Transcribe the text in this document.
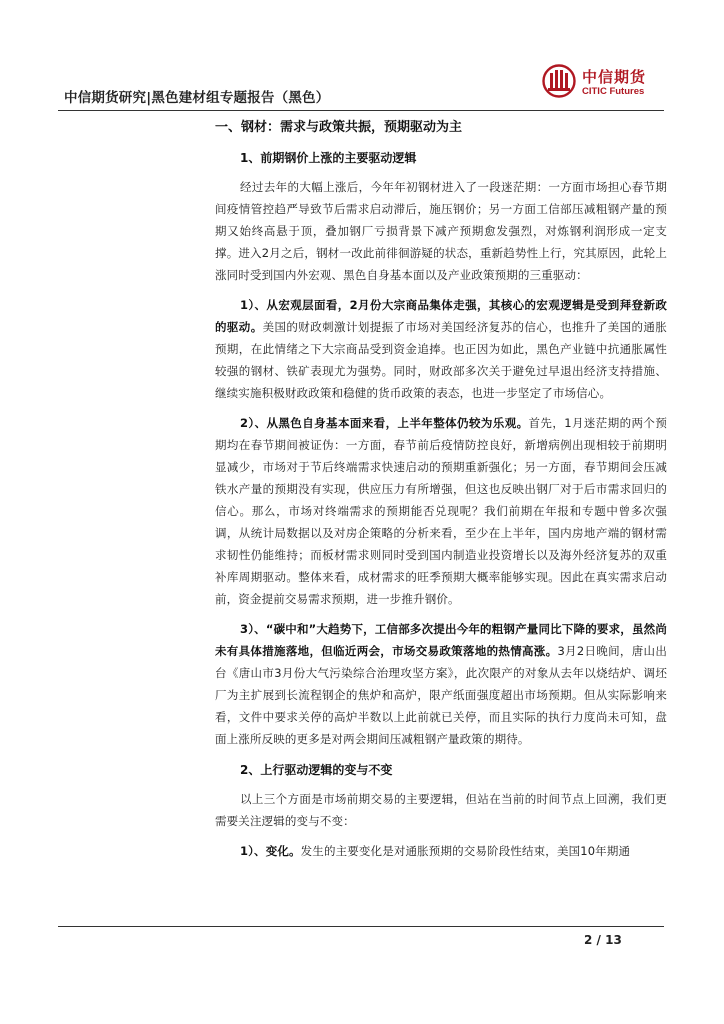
中信期货研究|黑色建材组专题报告（黑色）
中信期货
CITIC Futures
一、钢材：需求与政策共振，预期驱动为主
1、前期钢价上涨的主要驱动逻辑

经过去年的大幅上涨后，今年年初钢材进入了一段迷茫期：一方面市场担心春节期间疫情管控趋严导致节后需求启动滞后，施压钢价；另一方面工信部压减粗钢产量的预期又始终高悬于顶，叠加钢厂亏损背景下减产预期愈发强烈，对炼钢利润形成一定支撑。进入2月之后，钢材一改此前徘徊游疑的状态，重新趋势性上行，究其原因，此轮上涨同时受到国内外宏观、黑色自身基本面以及产业政策预期的三重驱动：

1）、从宏观层面看，2月份大宗商品集体走强，其核心的宏观逻辑是受到拜登新政的驱动。美国的财政刺激计划提振了市场对美国经济复苏的信心，也推升了美国的通胀预期，在此情绪之下大宗商品受到资金追捧。也正因为如此，黑色产业链中抗通胀属性较强的钢材、铁矿表现尤为强势。同时，财政部多次关于避免过早退出经济支持措施、继续实施积极财政政策和稳健的货币政策的表态，也进一步坚定了市场信心。

2）、从黑色自身基本面来看，上半年整体仍较为乐观。首先，1月迷茫期的两个预期均在春节期间被证伪：一方面，春节前后疫情防控良好，新增病例出现相较于前期明显减少，市场对于节后终端需求快速启动的预期重新强化；另一方面，春节期间会压减铁水产量的预期没有实现，供应压力有所增强，但这也反映出钢厂对于后市需求回归的信心。那么，市场对终端需求的预期能否兑现呢？我们前期在年报和专题中曾多次强调，从统计局数据以及对房企策略的分析来看，至少在上半年，国内房地产端的钢材需求韧性仍能维持；而板材需求则同时受到国内制造业投资增长以及海外经济复苏的双重补库周期驱动。整体来看，成材需求的旺季预期大概率能够实现。因此在真实需求启动前，资金提前交易需求预期，进一步推升钢价。

3）、“碳中和”大趋势下，工信部多次提出今年的粗钢产量同比下降的要求，虽然尚未有具体措施落地，但临近两会，市场交易政策落地的热情高涨。3月2日晚间，唐山出台《唐山市3月份大气污染综合治理攻坚方案》，此次限产的对象从去年以烧结炉、调坯厂为主扩展到长流程钢企的焦炉和高炉，限产纸面强度超出市场预期。但从实际影响来看，文件中要求关停的高炉半数以上此前就已关停，而且实际的执行力度尚未可知，盘面上涨所反映的更多是对两会期间压减粗钢产量政策的期待。

2、上行驱动逻辑的变与不变

以上三个方面是市场前期交易的主要逻辑，但站在当前的时间节点上回溯，我们更需要关注逻辑的变与不变：

1）、变化。发生的主要变化是对通胀预期的交易阶段性结束，美国10年期通

2 / 13
